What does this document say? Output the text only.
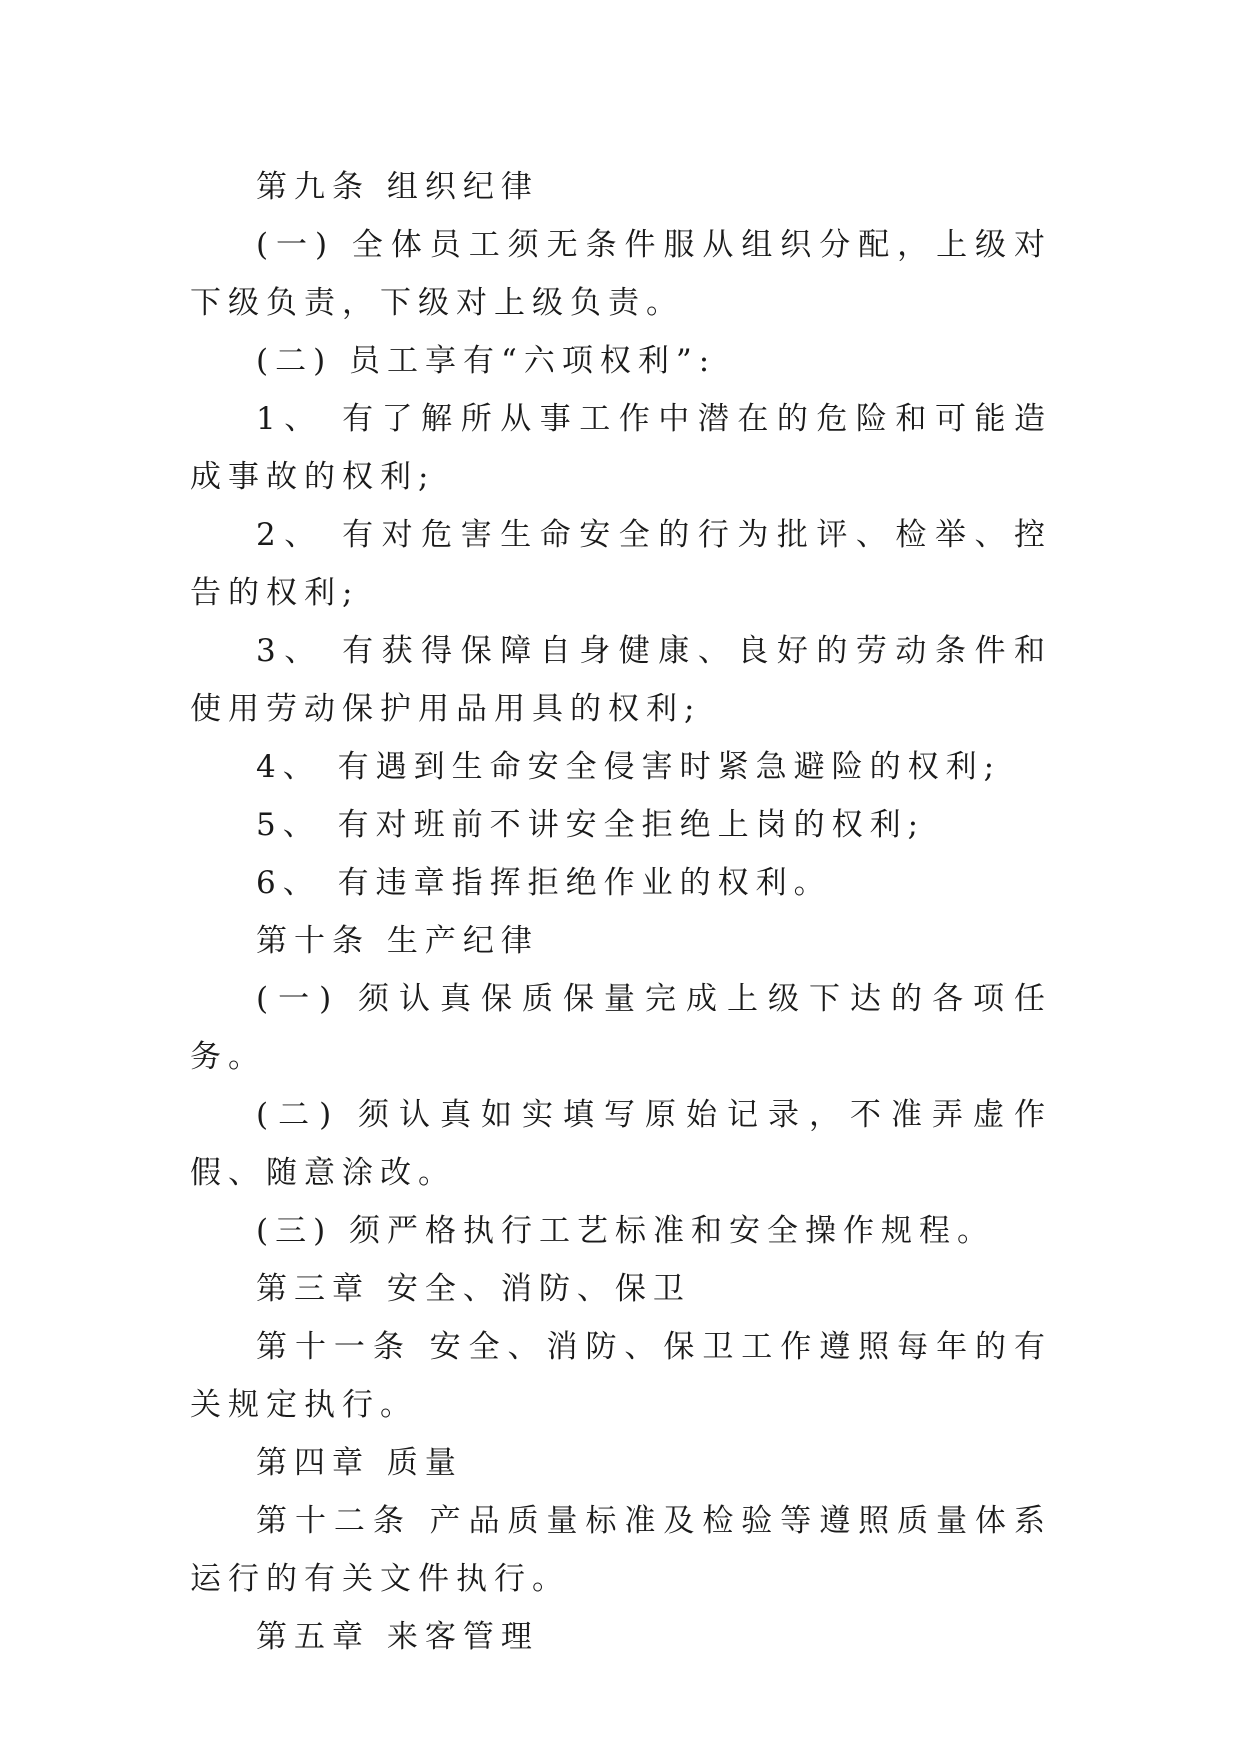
第九条 组织纪律

(一) 全体员工须无条件服从组织分配，上级对下级负责，下级对上级负责。

(二) 员工享有“六项权利”:

1、 有了解所从事工作中潜在的危险和可能造成事故的权利;

2、 有对危害生命安全的行为批评、检举、控告的权利;

3、 有获得保障自身健康、良好的劳动条件和使用劳动保护用品用具的权利;

4、 有遇到生命安全侵害时紧急避险的权利;

5、 有对班前不讲安全拒绝上岗的权利;

6、 有违章指挥拒绝作业的权利。

第十条 生产纪律

(一) 须认真保质保量完成上级下达的各项任务。

(二) 须认真如实填写原始记录，不准弄虚作假、随意涂改。

(三) 须严格执行工艺标准和安全操作规程。

第三章 安全、消防、保卫

第十一条 安全、消防、保卫工作遵照每年的有关规定执行。

第四章 质量

第十二条 产品质量标准及检验等遵照质量体系运行的有关文件执行。

第五章 来客管理
